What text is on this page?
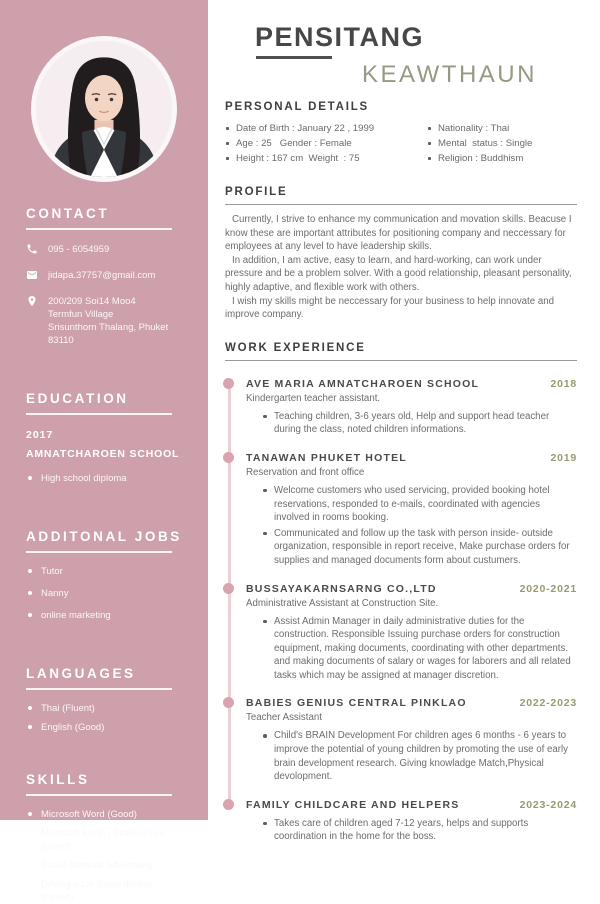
CONTACT
095 - 6054959
jidapa.37757@gmail.com
200/209 Soi14 Moo4
Termfun Village
Srisunthorn Thalang, Phuket
83110
EDUCATION
2017
AMNATCHAROEN SCHOOL
High school diploma
ADDITONAL JOBS
Tutor
Nanny
online marketing
LANGUAGES
Thai (Fluent)
English (Good)
SKILLS
Microsoft Word (Good)
Microsoft Excel , Power Point (Good)
Social Netwotk Advertising
Driving a car (have driving license)
PENSITANG
KEAWTHAUN
PERSONAL DETAILS
Date of Birth : January 22 , 1999
Age : 25   Gender : Female
Height : 167 cm  Weight  : 75
Nationality : Thai
Mental  status : Single
Religion : Buddhism
PROFILE

Currently, I strive to enhance my communication and movation skills. Beacuse I know these are important attributes for positioning company and neccessary for employees at any level to have leadership skills.

In addition, I am active, easy to learn, and hard-working, can work under pressure and be a problem solver. With a good relationship, pleasant personality, highly adaptive, and flexible work with others.

I wish my skills might be neccessary for your business to help innovate and improve company.

WORK EXPERIENCE
AVE MARIA AMNATCHAROEN SCHOOL	2018
Kindergarten teacher assistant.
Teaching children, 3-6 years old, Help and support head teacher during the class, noted children informations.
TANAWAN PHUKET HOTEL	2019
Reservation and front office
Welcome customers who used servicing, provided booking hotel reservations, responded to e-mails, coordinated with agencies involved in rooms booking.
Communicated and follow up the task with person inside- outside organization, responsible in report receive, Make purchase orders for supplies and managed documents form about custumers.
BUSSAYAKARNSARNG CO.,LTD	2020-2021
Administrative Assistant at Construction Site.
Assist Admin Manager in daily administrative duties for the construction. Responsible Issuing purchase orders for construction equipment, making documents, coordinating with other departments. and making documents of salary or wages for laborers and all related tasks which may be assigned at manager discretion.
BABIES GENIUS CENTRAL PINKLAO	2022-2023
Teacher Assistant
Child's BRAIN Development For children ages 6 months - 6 years to improve the potential of young children by promoting the use of early brain development research. Giving knowladge Match,Physical devolopment.
FAMILY CHILDCARE AND HELPERS	2023-2024
Takes care of children aged 7-12 years, helps and supports coordination in the home for the boss.
